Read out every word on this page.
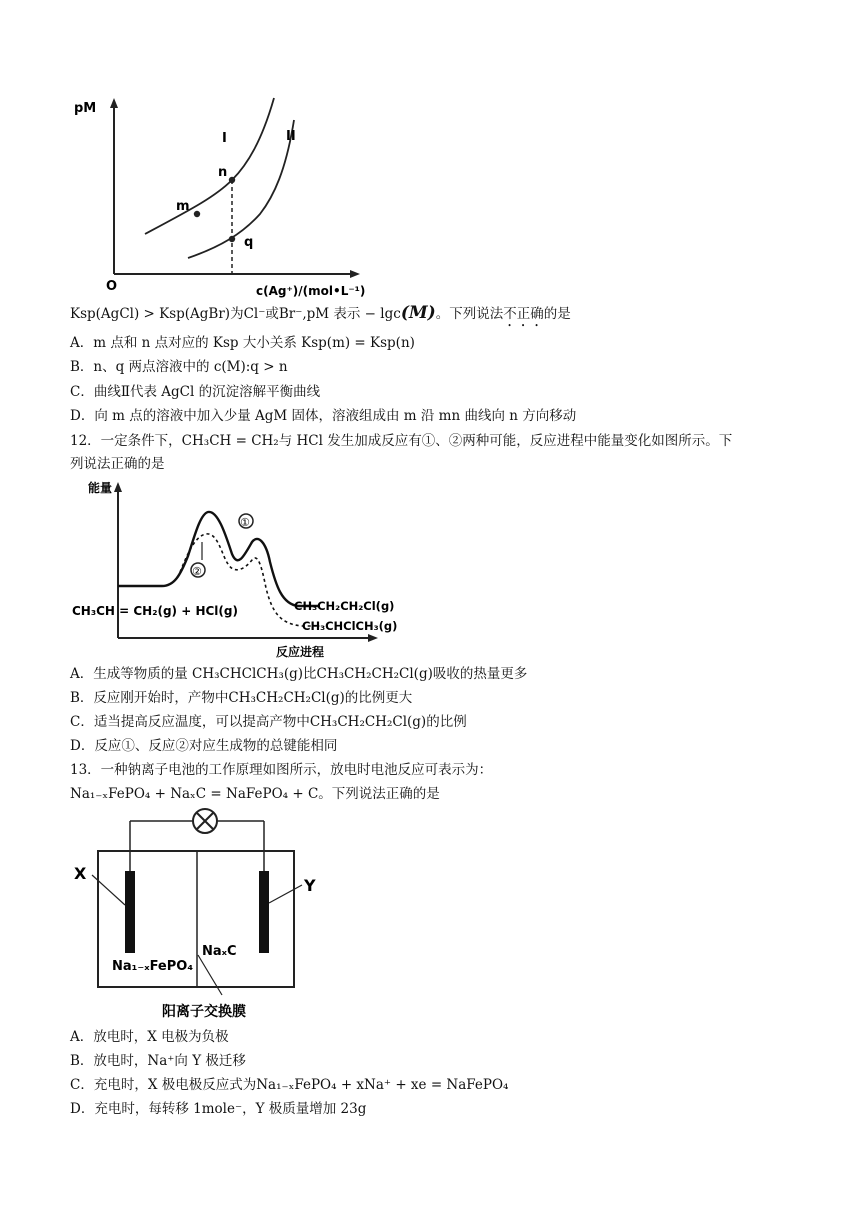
pM
O	c(Ag⁺)/(mol•L⁻¹)
I	II
m
n
q
Ksp(AgCl) > Ksp(AgBr)为Cl⁻或Br⁻,pM 表示 − lgc(M)。下列说法不正确的是
A．m 点和 n 点对应的 Ksp 大小关系 Ksp(m) = Ksp(n)
B．n、q 两点溶液中的 c(M):q > n
C．曲线Ⅱ代表 AgCl 的沉淀溶解平衡曲线
D．向 m 点的溶液中加入少量 AgM 固体，溶液组成由 m 沿 mn 曲线向 n 方向移动
12．一定条件下，CH₃CH = CH₂与 HCl 发生加成反应有①、②两种可能，反应进程中能量变化如图所示。下
列说法正确的是
能量
CH₃CH = CH₂(g) + HCl(g)	CH₃CH₂CH₂Cl(g)
CH₃CHClCH₃(g)
反应进程
①
②
A．生成等物质的量 CH₃CHClCH₃(g)比CH₃CH₂CH₂Cl(g)吸收的热量更多
B．反应刚开始时，产物中CH₃CH₂CH₂Cl(g)的比例更大
C．适当提高反应温度，可以提高产物中CH₃CH₂CH₂Cl(g)的比例
D．反应①、反应②对应生成物的总键能相同
13．一种钠离子电池的工作原理如图所示，放电时电池反应可表示为：
Na₁₋ₓFePO₄ + NaₓC = NaFePO₄ + C。下列说法正确的是
X
Y
Na₁₋ₓFePO₄
NaₓC
阳离子交换膜
A．放电时，X 电极为负极
B．放电时，Na⁺向 Y 极迁移
C．充电时，X 极电极反应式为Na₁₋ₓFePO₄ + xNa⁺ + xe = NaFePO₄
D．充电时，每转移 1mole⁻，Y 极质量增加 23g
